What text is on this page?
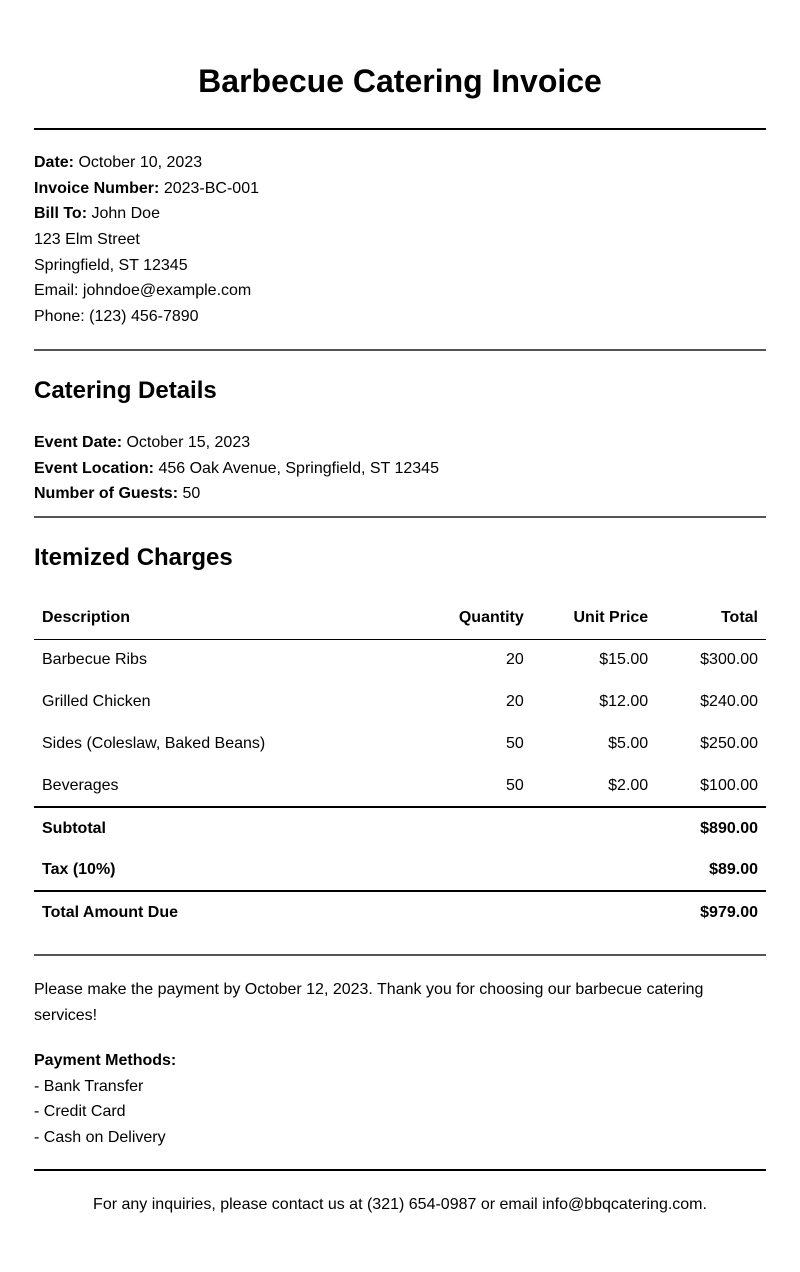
Barbecue Catering Invoice
Date: October 10, 2023
Invoice Number: 2023-BC-001
Bill To: John Doe
123 Elm Street
Springfield, ST 12345
Email: johndoe@example.com
Phone: (123) 456-7890
Catering Details
Event Date: October 15, 2023
Event Location: 456 Oak Avenue, Springfield, ST 12345
Number of Guests: 50
Itemized Charges
Description	Quantity	Unit Price	Total
Barbecue Ribs	20	$15.00	$300.00
Grilled Chicken	20	$12.00	$240.00
Sides (Coleslaw, Baked Beans)	50	$5.00	$250.00
Beverages	50	$2.00	$100.00
Subtotal			$890.00
Tax (10%)			$89.00
Total Amount Due			$979.00

Please make the payment by October 12, 2023. Thank you for choosing our barbecue catering services!

Payment Methods:
- Bank Transfer
- Credit Card
- Cash on Delivery

For any inquiries, please contact us at (321) 654-0987 or email info@bbqcatering.com.
